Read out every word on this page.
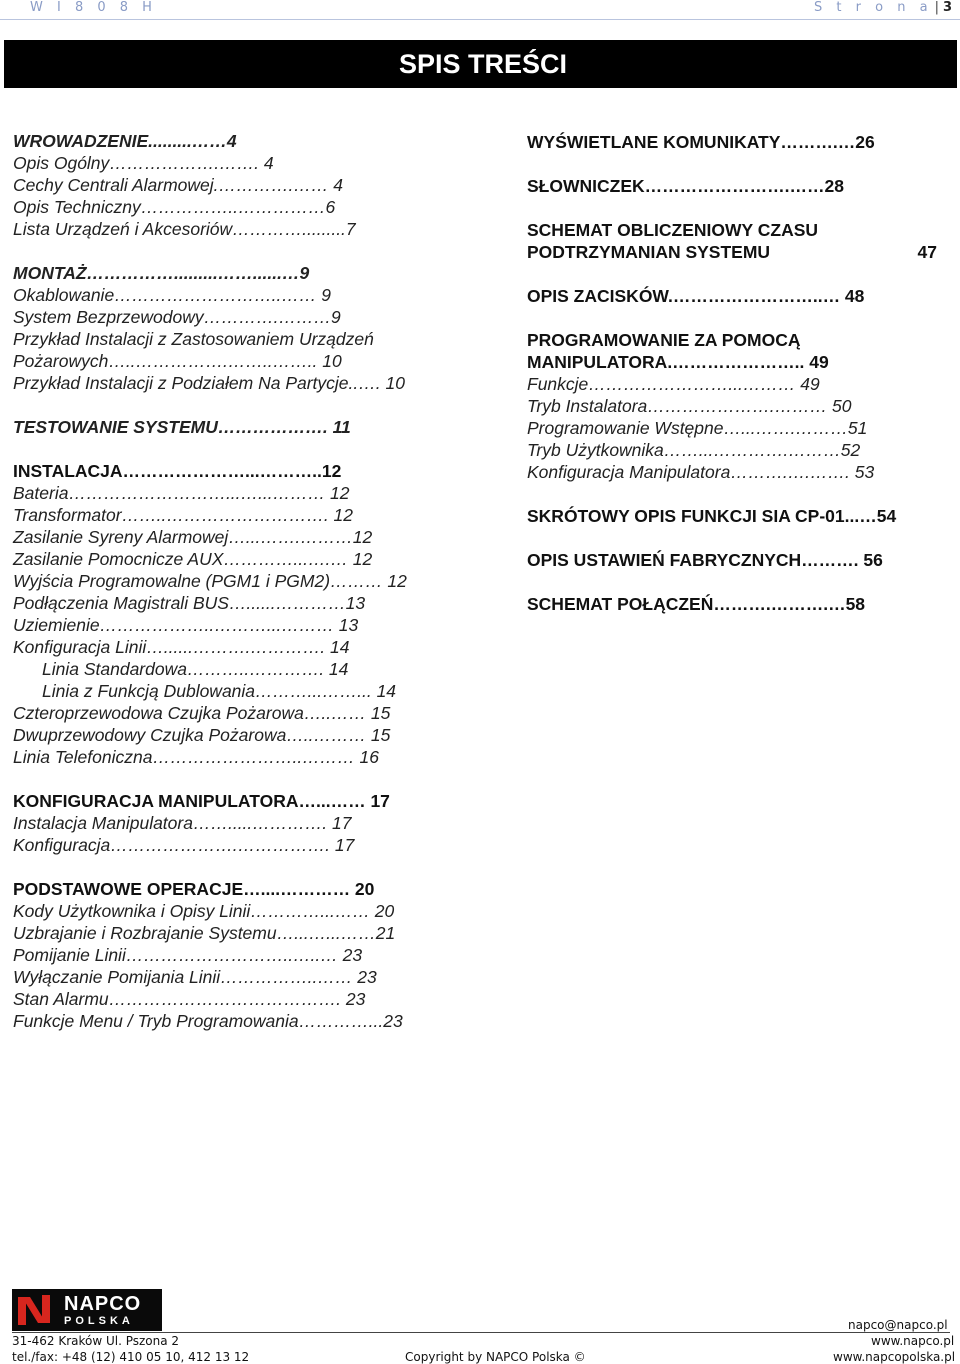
W I 8 0 8 H	S t r o n a | 3
SPIS TREŚCI
WROWADZENIE.........……4
Opis Ogólny……………….……. 4
Cechy Centrali Alarmowej.………….…… 4
Opis Techniczny……………..……………6
Lista Urządzeń i Akcesoriów………….........7
MONTAŻ…………….........……......…9
Okablowanie………………………..…… 9
System Bezprzewodowy………….………9
Przykład Instalacji z Zastosowaniem Urządzeń
Pożarowych…..…………….……..…….. 10
Przykład Instalacji z Podziałem Na Partycje..…. 10
TESTOWANIE SYSTEMU………………. 11
INSTALACJA…………………...………..12
Bateria………………………...…...……… 12
Transformator……..………………………. 12
Zasilanie Syreny Alarmowej…...…….………12
Zasilanie Pomocnicze AUX…………...….… 12
Wyjścia Programowalne (PGM1 i PGM2)……… 12
Podłączenia Magistrali BUS…......…………13
Uziemienie………………..………...……… 13
Konfiguracja Linii…......……….…………. 14
Linia Standardowa………..…………. 14
Linia z Funkcją Dublowania………...……... 14
Czteroprzewodowa Czujka Pożarowa…..…… 15
Dwuprzewodowy Czujka Pożarowa…..……… 15
Linia Telefoniczna……………………..……… 16
KONFIGURACJA MANIPULATORA…...…… 17
Instalacja Manipulatora…….....…………. 17
Konfiguracja………………….……………. 17
PODSTAWOWE OPERACJE…....………… 20
Kody Użytkownika i Opisy Linii…………...…… 20
Uzbrajanie i Rozbrajanie Systemu…...…...……21
Pomijanie Linii………………………..…..… 23
Wyłączanie Pomijania Linii……………..…… 23
Stan Alarmu…………………………………. 23
Funkcje Menu / Tryb Programowania…………...23
WYŚWIETLANE KOMUNIKATY……….…26
SŁOWNICZEK…………………….……28
SCHEMAT OBLICZENIOWY CZASU
PODTRZYMANIAN SYSTEMU	47
OPIS ZACISKÓW.……………………..… 48
PROGRAMOWANIE ZA POMOCĄ
MANIPULATORA.………………….. 49
Funkcje……………………...……… 49
Tryb Instalatora………………….……… 50
Programowanie Wstępne…...…….………51
Tryb Użytkownika……...………….………52
Konfiguracja Manipulatora……….….……. 53
SKRÓTOWY OPIS FUNKCJI SIA CP-01...…54
OPIS USTAWIEŃ FABRYCZNYCH………. 56
SCHEMAT POŁĄCZEŃ……….……….…58
NAPCO
POLSKA	napco@napco.pl
31-462 Kraków Ul. Pszona 2	www.napco.pl
tel./fax: +48 (12) 410 05 10, 412 13 12	Copyright by NAPCO Polska ©	www.napcopolska.pl
